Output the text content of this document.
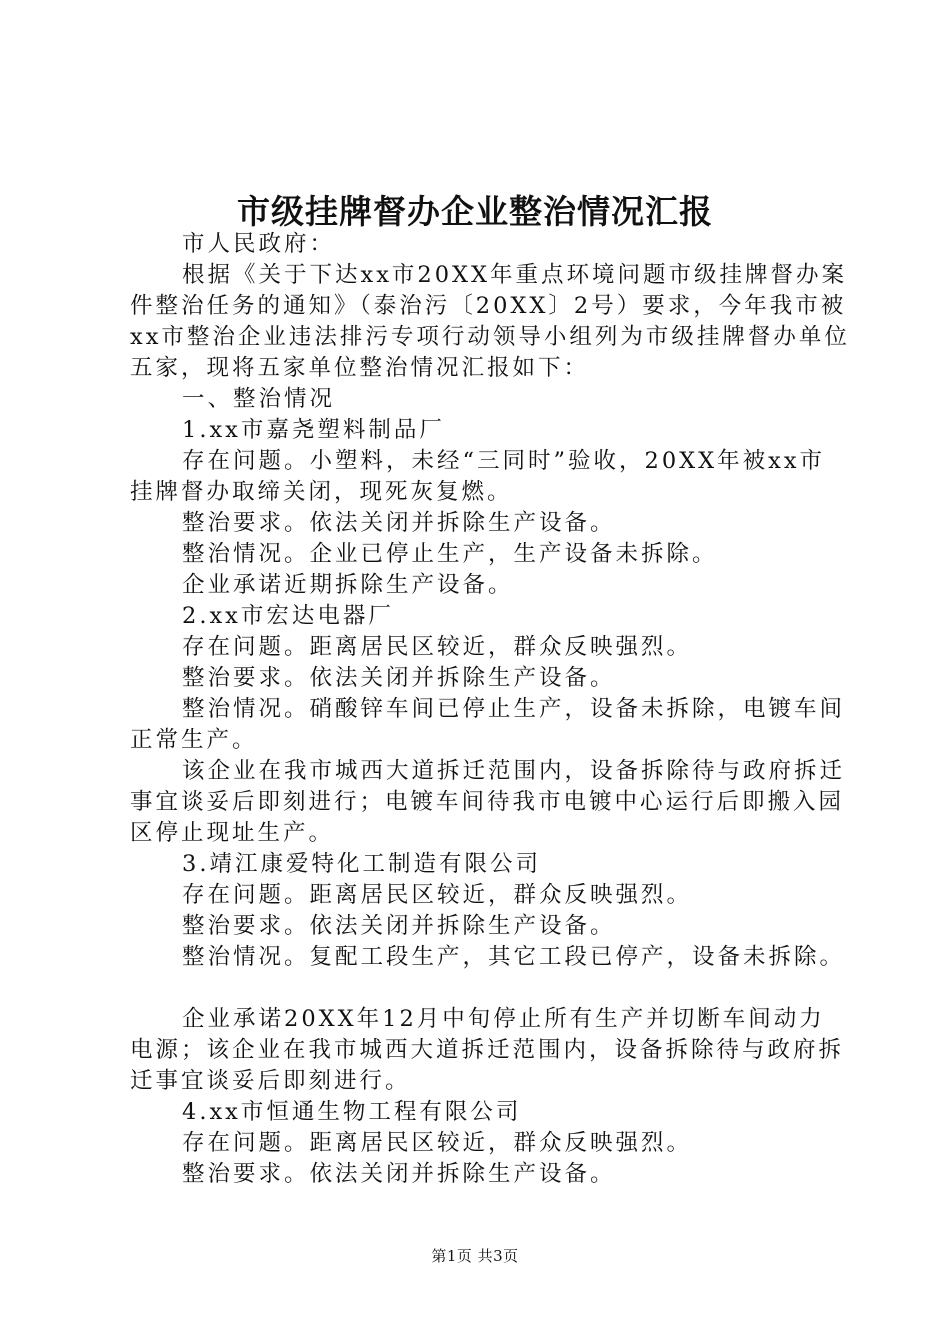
市级挂牌督办企业整治情况汇报

市人民政府：

根据《关于下达xx市20XX年重点环境问题市级挂牌督办案件整治任务的通知》（泰治污〔20XX〕2号）要求，今年我市被xx市整治企业违法排污专项行动领导小组列为市级挂牌督办单位五家，现将五家单位整治情况汇报如下：

一、整治情况

1.xx市嘉尧塑料制品厂

存在问题。小塑料，未经“三同时”验收，20XX年被xx市挂牌督办取缔关闭，现死灰复燃。

整治要求。依法关闭并拆除生产设备。

整治情况。企业已停止生产，生产设备未拆除。

企业承诺近期拆除生产设备。

2.xx市宏达电器厂

存在问题。距离居民区较近，群众反映强烈。

整治要求。依法关闭并拆除生产设备。

整治情况。硝酸锌车间已停止生产，设备未拆除，电镀车间正常生产。

该企业在我市城西大道拆迁范围内，设备拆除待与政府拆迁事宜谈妥后即刻进行；电镀车间待我市电镀中心运行后即搬入园区停止现址生产。

3.靖江康爱特化工制造有限公司

存在问题。距离居民区较近，群众反映强烈。

整治要求。依法关闭并拆除生产设备。

整治情况。复配工段生产，其它工段已停产，设备未拆除。

企业承诺20XX年12月中旬停止所有生产并切断车间动力电源；该企业在我市城西大道拆迁范围内，设备拆除待与政府拆迁事宜谈妥后即刻进行。

4.xx市恒通生物工程有限公司

存在问题。距离居民区较近，群众反映强烈。

整治要求。依法关闭并拆除生产设备。

第1页 共3页
